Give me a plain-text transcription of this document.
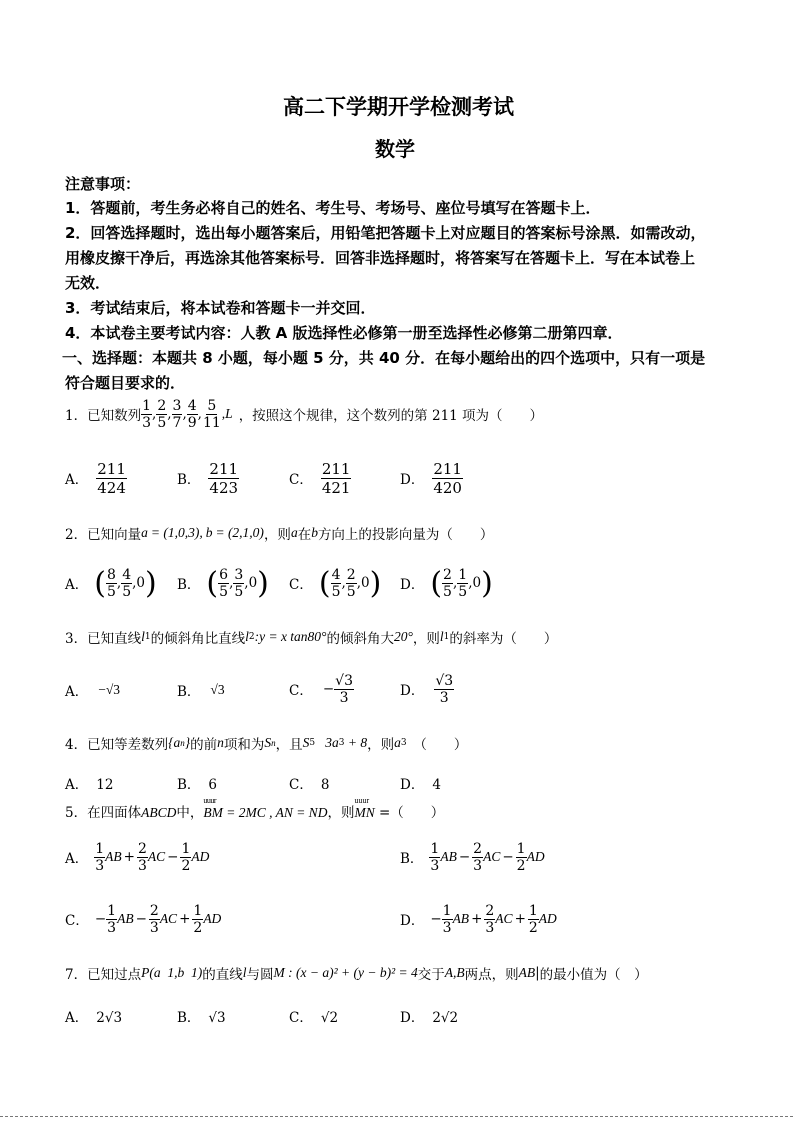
高二下学期开学检测考试
数学
注意事项：
1．答题前，考生务必将自己的姓名、考生号、考场号、座位号填写在答题卡上．
2．回答选择题时，选出每小题答案后，用铅笔把答题卡上对应题目的答案标号涂黑．如需改动，
用橡皮擦干净后，再选涂其他答案标号．回答非选择题时，将答案写在答题卡上．写在本试卷上
无效．
3．考试结束后，将本试卷和答题卡一并交回．
4．本试卷主要考试内容：人教 A 版选择性必修第一册至选择性必修第二册第四章．
一、选择题：本题共 8 小题，每小题 5 分，共 40 分．在每小题给出的四个选项中，只有一项是
符合题目要求的．
1．已知数列 $\frac{1}{3}$ , $\frac{2}{5}$ , $\frac{3}{7}$ , $\frac{4}{9}$ , $\frac{5}{11} ,L$ ，按照这个规律，这个数列的第 211 项为（　　）
A． $\frac{211}{424}$	B． $\frac{211}{423}$	C． $\frac{211}{421}$	D． $\frac{211}{420}$
2．已知向量 a = (1,0,3), b = (2,1,0) ，则 a 在 b 方向上的投影向量为（　　）
A． ( $\frac{8}{5}$ , $\frac{4}{5} ,0$ ) B． ( $\frac{6}{5}$ , $\frac{3}{5} ,0$ ) C． ( $\frac{4}{5}$ , $\frac{2}{5} ,0$ ) D． ( $\frac{2}{5}$ , $\frac{1}{5} ,0$ )
3．已知直线 l 1 的倾斜角比直线 l 2 :y = x tan80° 的倾斜角大 20° ，则 l 1 的斜率为（　　）
A． −√3	B． √3	C． − $\frac{√3}{3}$	D． $\frac{√3}{3}$
4．已知等差数列 {a n } 的前 n 项和为 S n ，且 S 5 3a 3 + 8 ，则 a 3 　（　　）
A． 12	B． 6	C． 8	D． 4
5．在四面体 ABCD 中，
uuur
BM = 2MC , AN = ND ，则
uuur
MN =（　　）
A． $\frac{1}{3}$ AB + $\frac{2}{3}$ AC − $\frac{1}{2}$ AD	B． $\frac{1}{3}$ AB − $\frac{2}{3}$ AC − $\frac{1}{2}$ AD
C． − $\frac{1}{3}$ AB − $\frac{2}{3}$ AC + $\frac{1}{2}$ AD	D． − $\frac{1}{3}$ AB + $\frac{2}{3}$ AC + $\frac{1}{2}$ AD
7．已知过点 P(a  1,b  1) 的直线 l 与圆 M : (x − a)² + (y − b)² = 4 交于 A,B 两点，则 AB | 的最小值为（　）
A． 2√3	B． √3	C． √2	D． 2√2
